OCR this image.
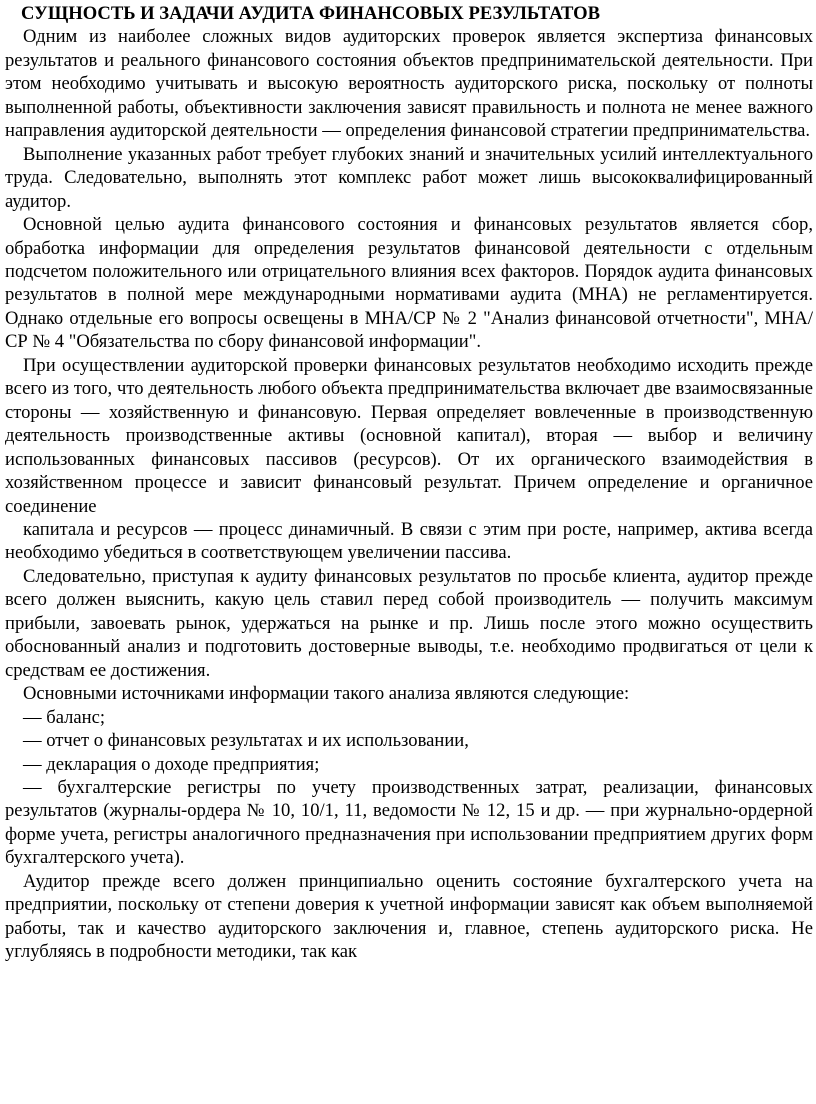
СУЩНОСТЬ И ЗАДАЧИ АУДИТА ФИНАНСОВЫХ РЕЗУЛЬТАТОВ

Одним из наиболее сложных видов аудиторских проверок является экспертиза финансовых результатов и реального финансового состояния объектов предпринимательской деятельности. При этом необходимо учитывать и высокую вероятность аудиторского риска, поскольку от полноты выполненной работы, объективности заключения зависят правильность и полнота не менее важного направления аудиторской деятельности — определения финансовой стратегии предпринимательства.

Выполнение указанных работ требует глубоких знаний и значительных усилий интеллектуального труда. Следовательно, выполнять этот комплекс работ может лишь высококвалифицированный аудитор.

Основной целью аудита финансового состояния и финансовых результатов является сбор, обработка информации для определения результатов финансовой деятельности с отдельным подсчетом положительного или отрицательного влияния всех факторов. Порядок аудита финансовых результатов в полной мере международными нормативами аудита (МНА) не регламентируется. Однако отдельные его вопросы освещены в МНА/СР № 2 "Анализ финансовой отчетности", МНА/СР № 4 "Обязательства по сбору финансовой информации".

При осуществлении аудиторской проверки финансовых результатов необходимо исходить прежде всего из того, что деятельность любого объекта предпринимательства включает две взаимосвязанные стороны — хозяйственную и финансовую. Первая определяет вовлеченные в производственную деятельность производственные активы (основной капитал), вторая — выбор и величину использованных финансовых пассивов (ресурсов). От их органического взаимодействия в хозяйственном процессе и зависит финансовый результат. Причем определение и органичное соединение

капитала и ресурсов — процесс динамичный. В связи с этим при росте, например, актива всегда необходимо убедиться в соответствующем увеличении пассива.

Следовательно, приступая к аудиту финансовых результатов по просьбе клиента, аудитор прежде всего должен выяснить, какую цель ставил перед собой производитель — получить максимум прибыли, завоевать рынок, удержаться на рынке и пр. Лишь после этого можно осуществить обоснованный анализ и подготовить достоверные выводы, т.е. необходимо продвигаться от цели к средствам ее достижения.

Основными источниками информации такого анализа являются следующие:

— баланс;

— отчет о финансовых результатах и их использовании,

— декларация о доходе предприятия;

— бухгалтерские регистры по учету производственных затрат, реализации, финансовых результатов (журналы-ордера № 10, 10/1, 11, ведомости № 12, 15 и др. — при журнально-ордерной форме учета, регистры аналогичного предназначения при использовании предприятием других форм бухгалтерского учета).

Аудитор прежде всего должен принципиально оценить состояние бухгалтерского учета на предприятии, поскольку от степени доверия к учетной информации зависят как объем выполняемой работы, так и качество аудиторского заключения и, главное, степень аудиторского риска. Не углубляясь в подробности методики, так как
